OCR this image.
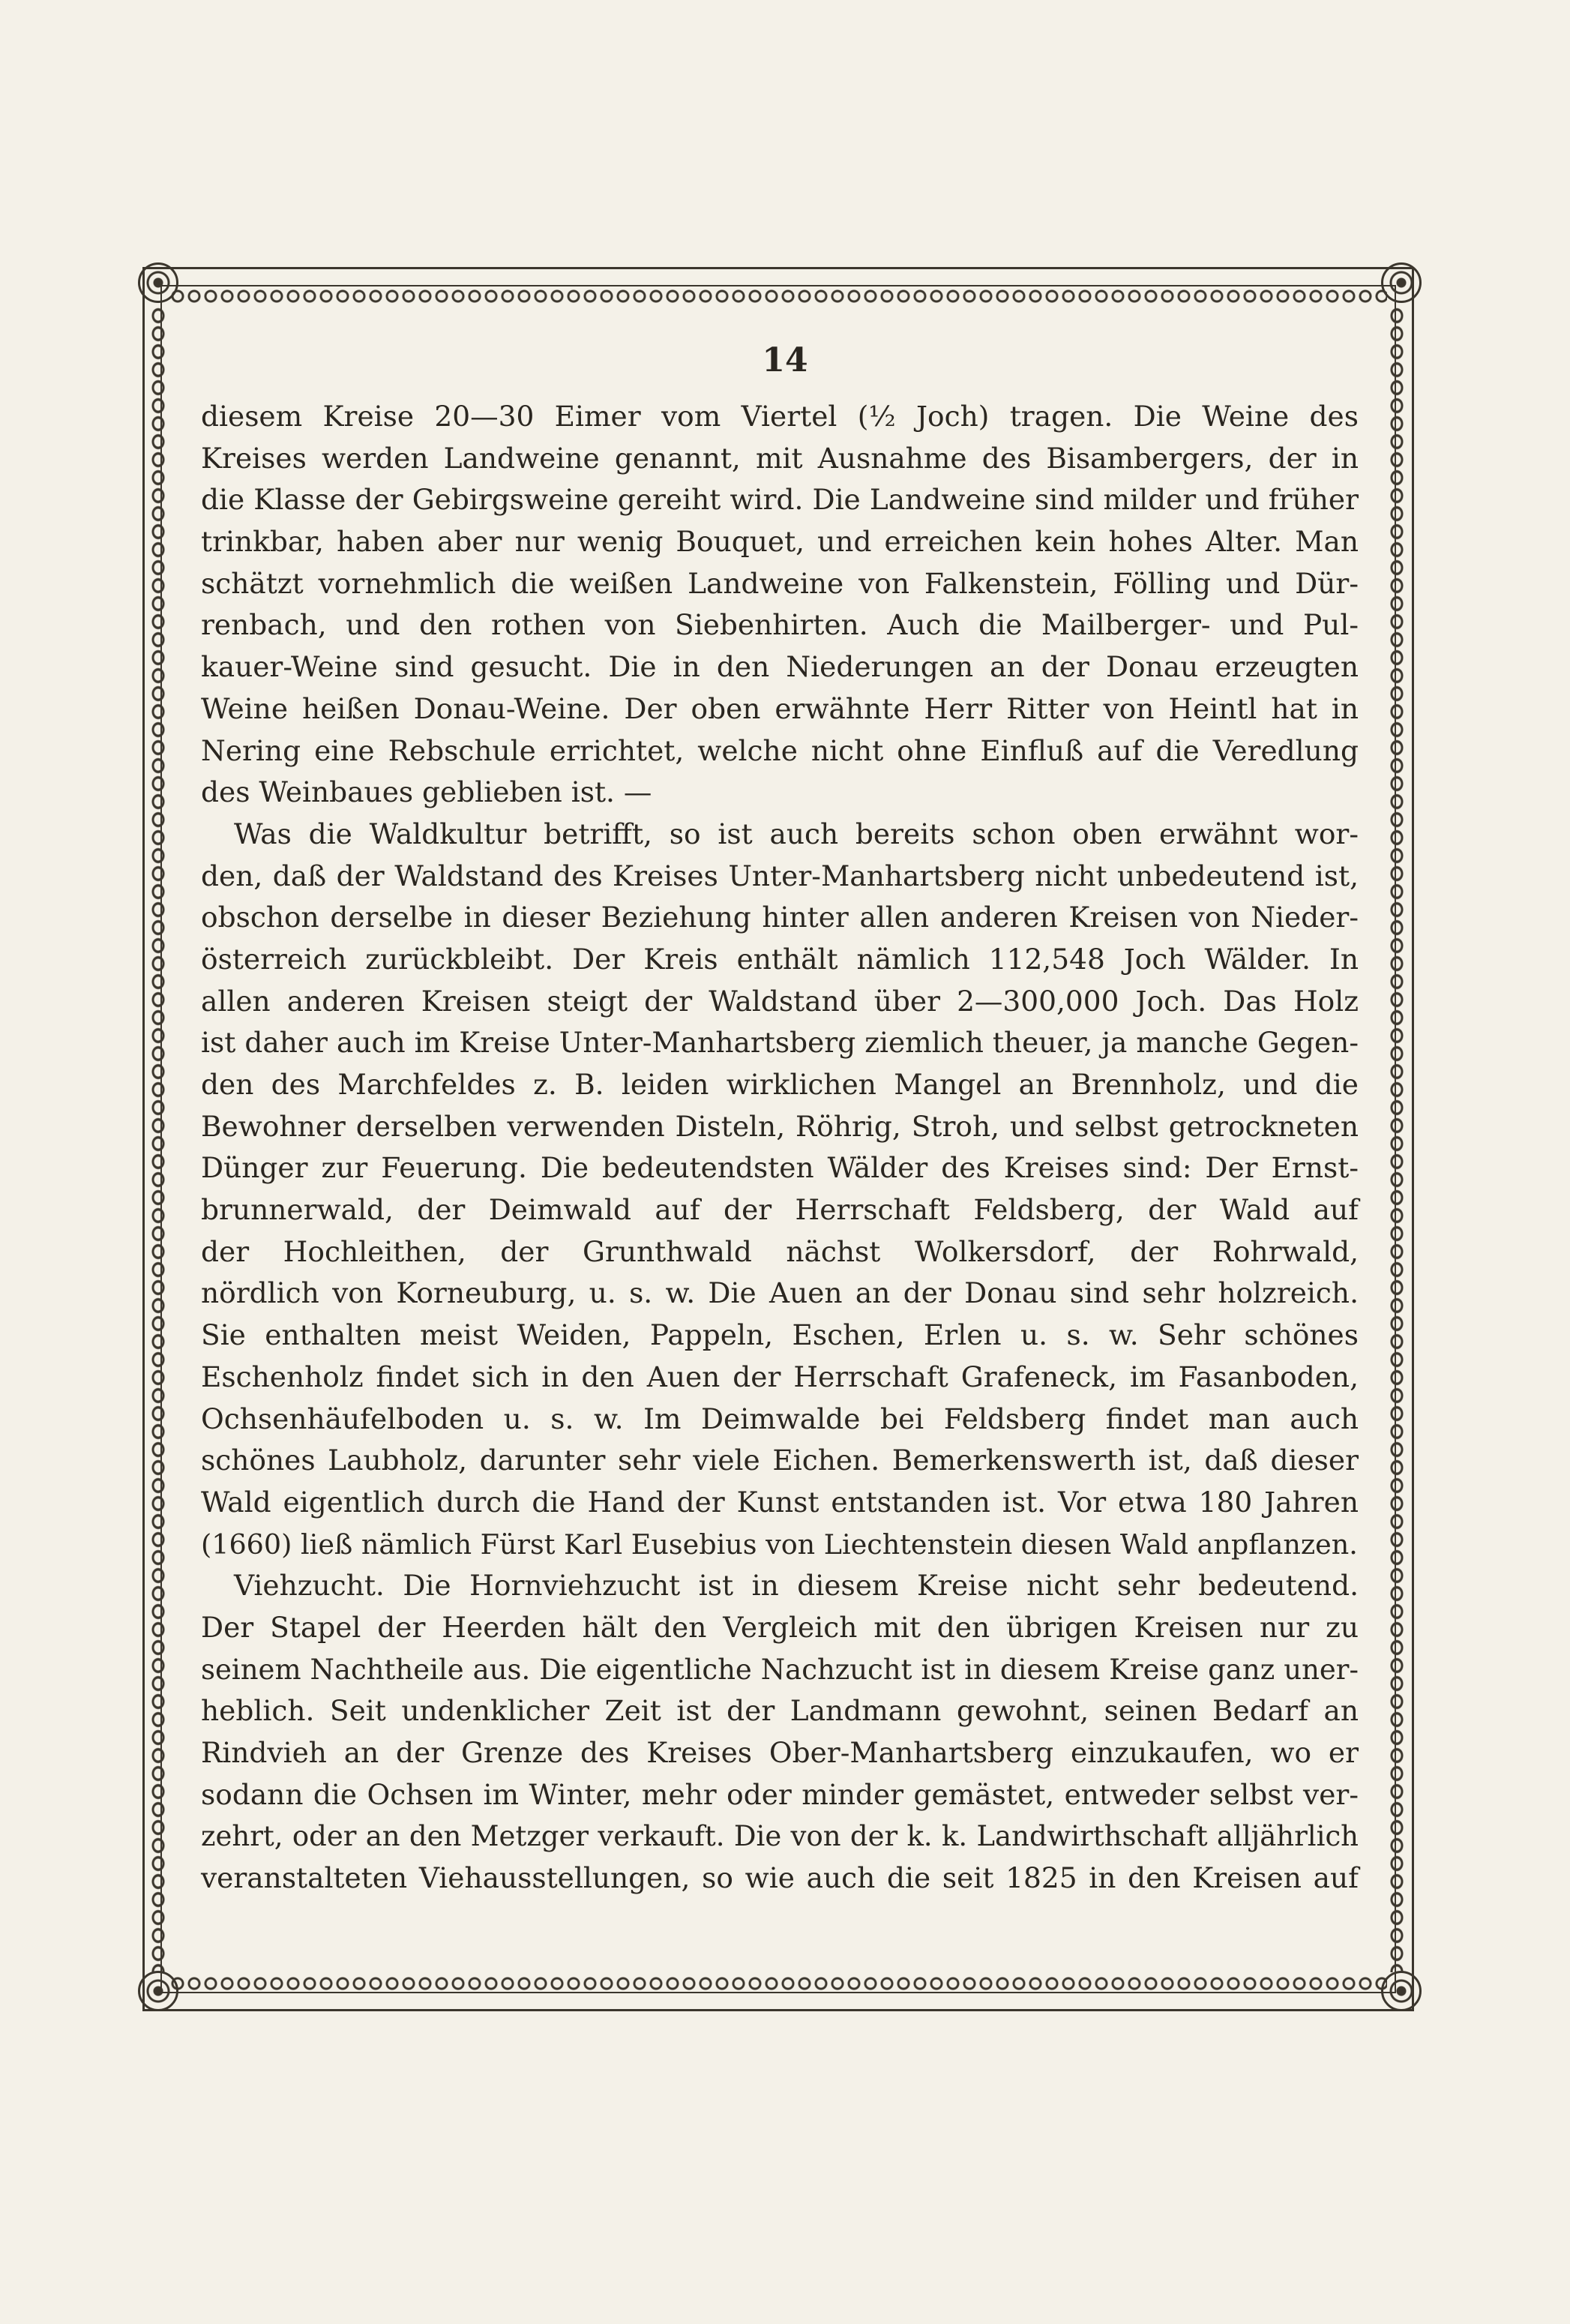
14
diesem Kreise 20—30 Eimer vom Viertel (½ Joch) tragen. Die Weine des
Kreises werden Landweine genannt, mit Ausnahme des Bisambergers, der in
die Klasse der Gebirgsweine gereiht wird. Die Landweine sind milder und früher
trinkbar, haben aber nur wenig Bouquet, und erreichen kein hohes Alter. Man
schätzt vornehmlich die weißen Landweine von Falkenstein, Fölling und Dür-
renbach, und den rothen von Siebenhirten. Auch die Mailberger- und Pul-
kauer-Weine sind gesucht. Die in den Niederungen an der Donau erzeugten
Weine heißen Donau-Weine. Der oben erwähnte Herr Ritter von Heintl hat in
Nering eine Rebschule errichtet, welche nicht ohne Einfluß auf die Veredlung
des Weinbaues geblieben ist. —
Was die Waldkultur betrifft, so ist auch bereits schon oben erwähnt wor-
den, daß der Waldstand des Kreises Unter-Manhartsberg nicht unbedeutend ist,
obschon derselbe in dieser Beziehung hinter allen anderen Kreisen von Nieder-
österreich zurückbleibt. Der Kreis enthält nämlich 112,548 Joch Wälder. In
allen anderen Kreisen steigt der Waldstand über 2—300,000 Joch. Das Holz
ist daher auch im Kreise Unter-Manhartsberg ziemlich theuer, ja manche Gegen-
den des Marchfeldes z. B. leiden wirklichen Mangel an Brennholz, und die
Bewohner derselben verwenden Disteln, Röhrig, Stroh, und selbst getrockneten
Dünger zur Feuerung. Die bedeutendsten Wälder des Kreises sind: Der Ernst-
brunnerwald, der Deimwald auf der Herrschaft Feldsberg, der Wald auf
der Hochleithen, der Grunthwald nächst Wolkersdorf, der Rohrwald,
nördlich von Korneuburg, u. s. w. Die Auen an der Donau sind sehr holzreich.
Sie enthalten meist Weiden, Pappeln, Eschen, Erlen u. s. w. Sehr schönes
Eschenholz findet sich in den Auen der Herrschaft Grafeneck, im Fasanboden,
Ochsenhäufelboden u. s. w. Im Deimwalde bei Feldsberg findet man auch
schönes Laubholz, darunter sehr viele Eichen. Bemerkenswerth ist, daß dieser
Wald eigentlich durch die Hand der Kunst entstanden ist. Vor etwa 180 Jahren
(1660) ließ nämlich Fürst Karl Eusebius von Liechtenstein diesen Wald anpflanzen.
Viehzucht. Die Hornviehzucht ist in diesem Kreise nicht sehr bedeutend.
Der Stapel der Heerden hält den Vergleich mit den übrigen Kreisen nur zu
seinem Nachtheile aus. Die eigentliche Nachzucht ist in diesem Kreise ganz uner-
heblich. Seit undenklicher Zeit ist der Landmann gewohnt, seinen Bedarf an
Rindvieh an der Grenze des Kreises Ober-Manhartsberg einzukaufen, wo er
sodann die Ochsen im Winter, mehr oder minder gemästet, entweder selbst ver-
zehrt, oder an den Metzger verkauft. Die von der k. k. Landwirthschaft alljährlich
veranstalteten Viehausstellungen, so wie auch die seit 1825 in den Kreisen auf
